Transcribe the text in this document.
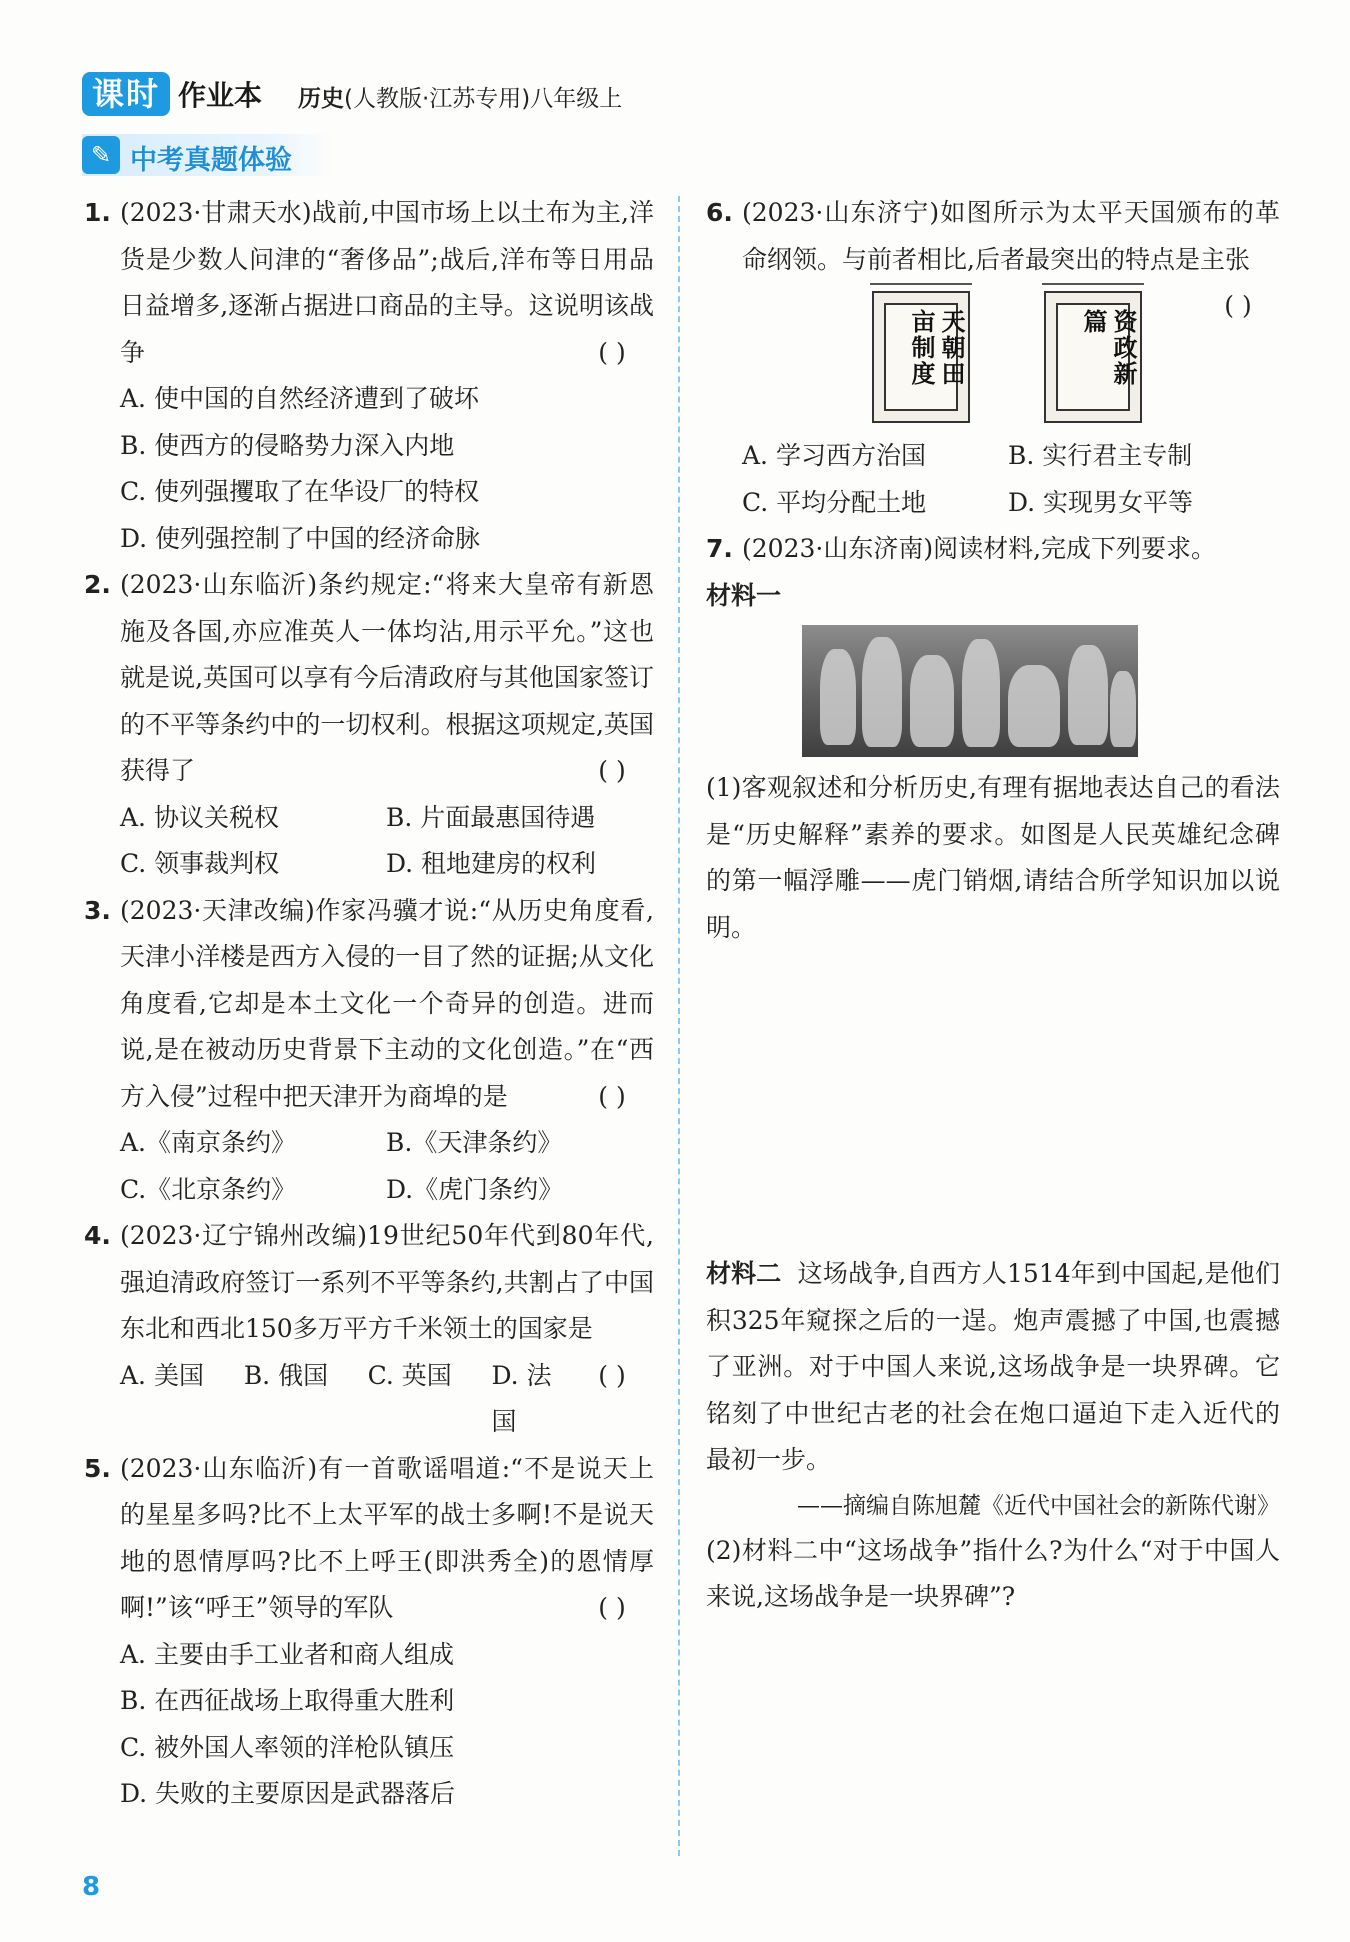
课时 作业本 历史(人教版·江苏专用)八年级上
✎ 中考真题体验
1. (2023·甘肃天水)战前,中国市场上以土布为主,洋货是少数人问津的“奢侈品”;战后,洋布等日用品日益增多,逐渐占据进口商品的主导。这说明该战争	( )
A. 使中国的自然经济遭到了破坏
B. 使西方的侵略势力深入内地
C. 使列强攫取了在华设厂的特权
D. 使列强控制了中国的经济命脉
2. (2023·山东临沂)条约规定:“将来大皇帝有新恩施及各国,亦应准英人一体均沾,用示平允。”这也就是说,英国可以享有今后清政府与其他国家签订的不平等条约中的一切权利。根据这项规定,英国获得了	( )
A. 协议关税权	B. 片面最惠国待遇
C. 领事裁判权	D. 租地建房的权利
3. (2023·天津改编)作家冯骥才说:“从历史角度看,天津小洋楼是西方入侵的一目了然的证据;从文化角度看,它却是本土文化一个奇异的创造。进而说,是在被动历史背景下主动的文化创造。”在“西方入侵”过程中把天津开为商埠的是	( )
A.《南京条约》	B.《天津条约》
C.《北京条约》	D.《虎门条约》
4. (2023·辽宁锦州改编)19世纪50年代到80年代,强迫清政府签订一系列不平等条约,共割占了中国东北和西北150多万平方千米领土的国家是
( )
A. 美国	B. 俄国	C. 英国	D. 法国
5. (2023·山东临沂)有一首歌谣唱道:“不是说天上的星星多吗?比不上太平军的战士多啊!不是说天地的恩情厚吗?比不上呼王(即洪秀全)的恩情厚啊!”该“呼王”领导的军队	( )
A. 主要由手工业者和商人组成
B. 在西征战场上取得重大胜利
C. 被外国人率领的洋枪队镇压
D. 失败的主要原因是武器落后
6. (2023·山东济宁)如图所示为太平天国颁布的革命纲领。与前者相比,后者最突出的特点是主张
( )
天朝田亩制度	资政新篇
A. 学习西方治国	B. 实行君主专制
C. 平均分配土地	D. 实现男女平等
7. (2023·山东济南)阅读材料,完成下列要求。
材料一
(1)客观叙述和分析历史,有理有据地表达自己的看法是“历史解释”素养的要求。如图是人民英雄纪念碑的第一幅浮雕——虎门销烟,请结合所学知识加以说明。
材料二 这场战争,自西方人1514年到中国起,是他们积325年窥探之后的一逞。炮声震撼了中国,也震撼了亚洲。对于中国人来说,这场战争是一块界碑。它铭刻了中世纪古老的社会在炮口逼迫下走入近代的最初一步。
——摘编自陈旭麓《近代中国社会的新陈代谢》
(2)材料二中“这场战争”指什么?为什么“对于中国人来说,这场战争是一块界碑”?
8
